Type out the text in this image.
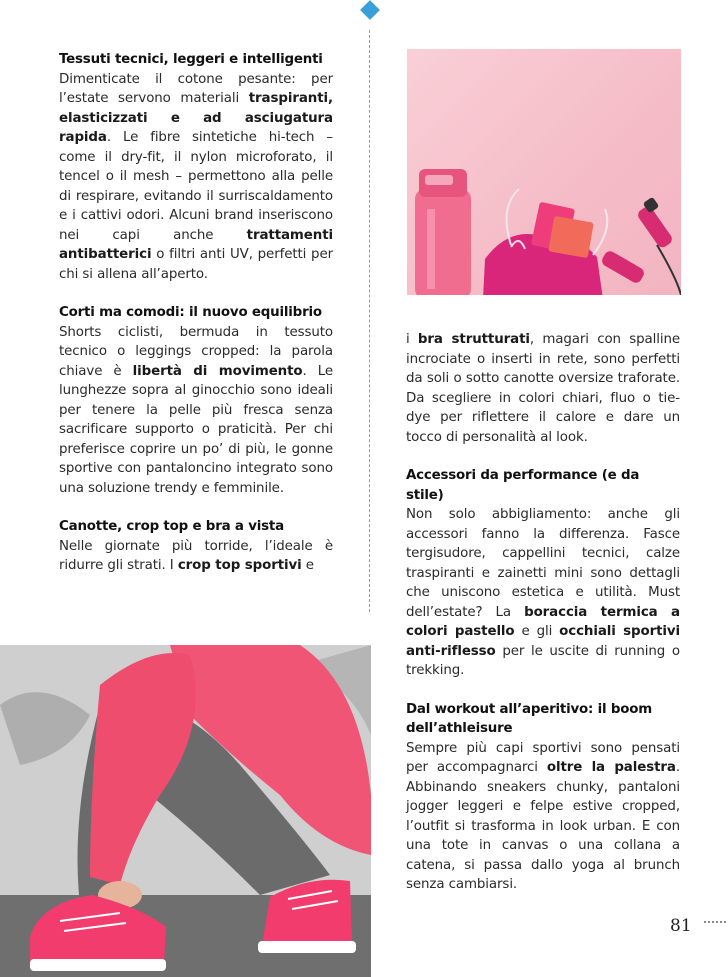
Tessuti tecnici, leggeri e intelligenti
Dimenticate il cotone pesante: per l’estate servono materiali traspiranti, elasticizzati e ad asciugatura rapida. Le fibre sintetiche hi-tech – come il dry-fit, il nylon microforato, il tencel o il mesh – permettono alla pelle di respirare, evitando il surriscaldamento e i cattivi odori. Alcuni brand inseriscono nei capi anche trattamenti antibatterici o filtri anti UV, perfetti per chi si allena all’aperto.
Corti ma comodi: il nuovo equilibrio
Shorts ciclisti, bermuda in tessuto tecnico o leggings cropped: la parola chiave è libertà di movimento. Le lunghezze sopra al ginocchio sono ideali per tenere la pelle più fresca senza sacrificare supporto o praticità. Per chi preferisce coprire un po’ di più, le gonne sportive con pantaloncino integrato sono una soluzione trendy e femminile.
Canotte, crop top e bra a vista
Nelle giornate più torride, l’ideale è ridurre gli strati. I crop top sportivi e
i bra strutturati, magari con spalline incrociate o inserti in rete, sono perfetti da soli o sotto canotte oversize traforate. Da scegliere in colori chiari, fluo o tie-dye per riflettere il calore e dare un tocco di personalità al look.
Accessori da performance (e da stile)
Non solo abbigliamento: anche gli accessori fanno la differenza. Fasce tergisudore, cappellini tecnici, calze traspiranti e zainetti mini sono dettagli che uniscono estetica e utilità. Must dell’estate? La boraccia termica a colori pastello e gli occhiali sportivi anti-riflesso per le uscite di running o trekking.
Dal workout all’aperitivo: il boom dell’athleisure
Sempre più capi sportivi sono pensati per accompagnarci oltre la palestra. Abbinando sneakers chunky, pantaloni jogger leggeri e felpe estive cropped, l’outfit si trasforma in look urban. E con una tote in canvas o una collana a catena, si passa dallo yoga al brunch senza cambiarsi.
81
